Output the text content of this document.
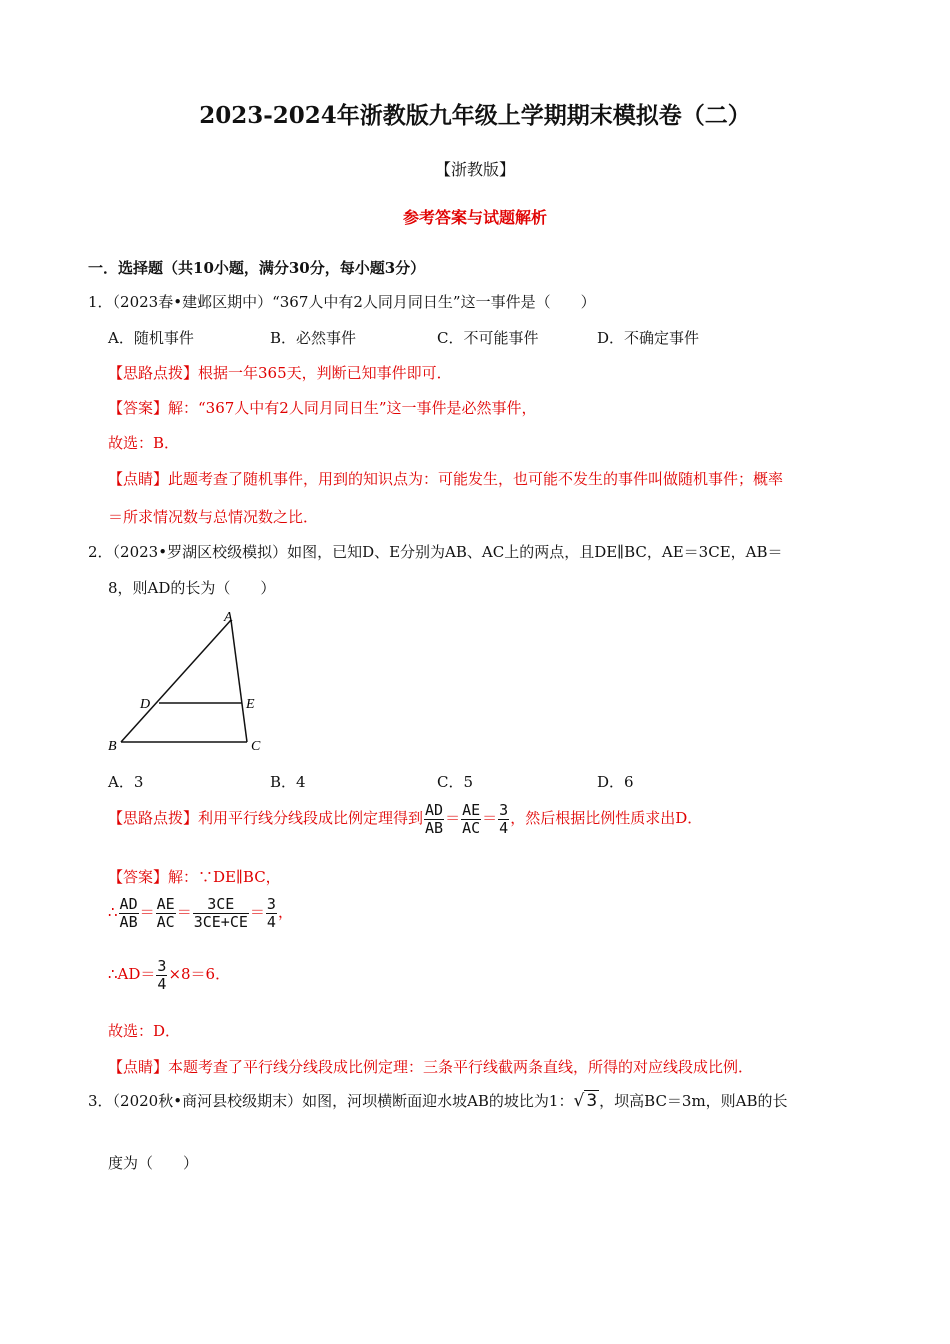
2023-2024年浙教版九年级上学期期末模拟卷（二）
【浙教版】
参考答案与试题解析
一．选择题（共10小题，满分30分，每小题3分）
1．（2023春•建邺区期中）“367人中有2人同月同日生”这一事件是（　　）
A．随机事件	B．必然事件	C．不可能事件	D．不确定事件
【思路点拨】根据一年365天，判断已知事件即可．
【答案】解：“367人中有2人同月同日生”这一事件是必然事件，
故选：B．
【点睛】此题考查了随机事件，用到的知识点为：可能发生，也可能不发生的事件叫做随机事件；概率
＝所求情况数与总情况数之比．
2．（2023•罗湖区校级模拟）如图，已知D、E分别为AB、AC上的两点，且DE∥BC，AE＝3CE，AB＝
8，则AD的长为（　　）
A
D	E
B	C
A．3	B．4	C．5	D．6
【思路点拨】利用平行线分线段成比例定理得到 $\frac{AD}{AB} = \frac{AE}{AC} = \frac{3}{4}$ ，然后根据比例性质求出D．
【答案】解：∵DE∥BC，
∴ $\frac{AD}{AB} = \frac{AE}{AC} = \frac{3CE}{3CE+CE} = \frac{3}{4}$ ，
∴AD＝ $\frac{3}{4} \times 8=6$．
故选：D．
【点睛】本题考查了平行线分线段成比例定理：三条平行线截两条直线，所得的对应线段成比例．
3．（2020秋•商河县校级期末）如图，河坝横断面迎水坡AB的坡比为1：√ 3 ，坝高BC＝3m，则AB的长
度为（　　）
